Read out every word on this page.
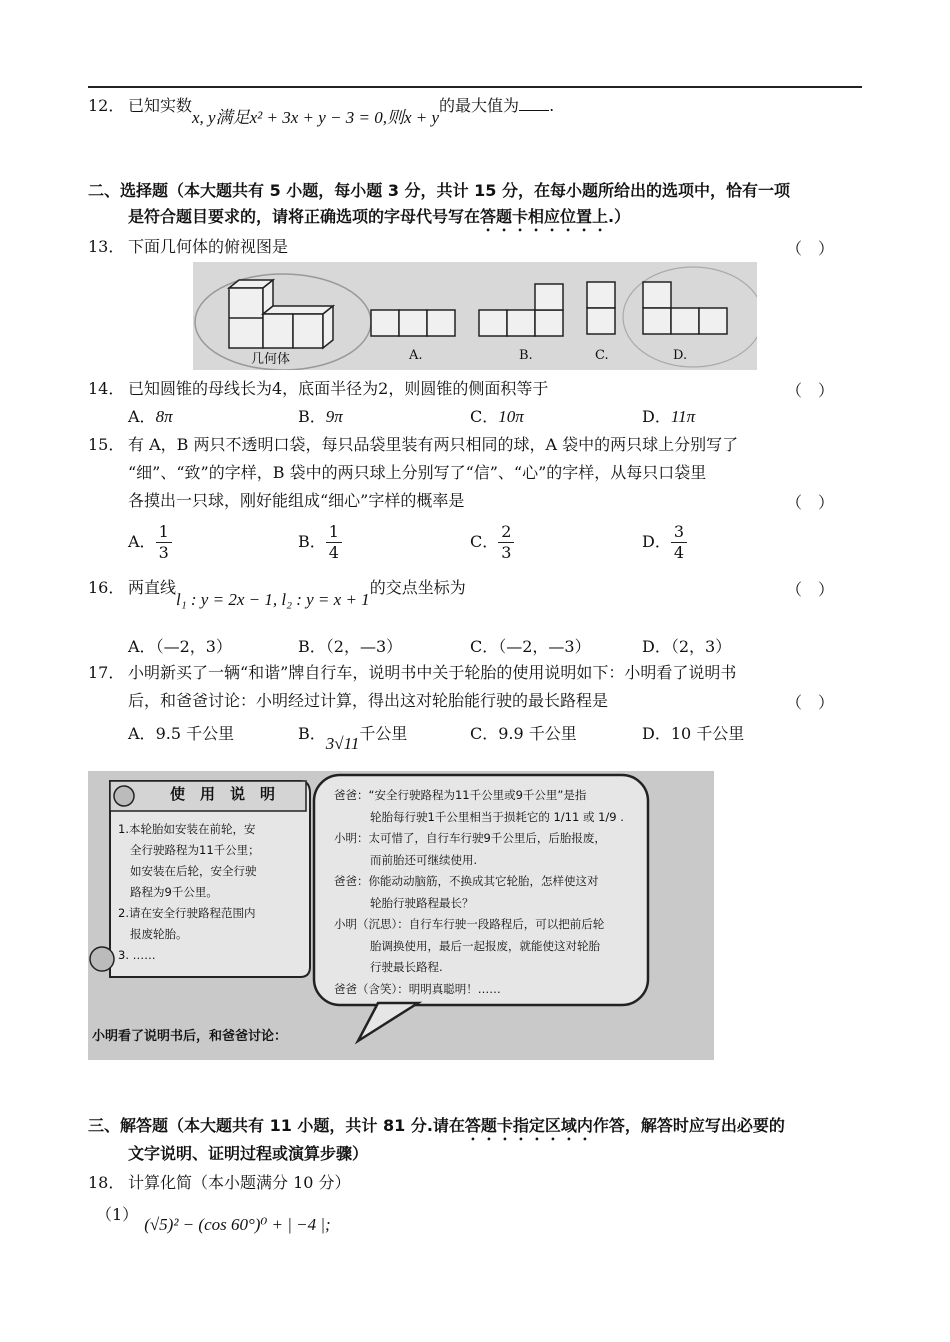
12． 已知实数x, y满足x² + 3x + y − 3 = 0,则x + y的最大值为 .
二、选择题（本大题共有 5 小题，每小题 3 分，共计 15 分，在每小题所给出的选项中，恰有一项
是符合题目要求的，请将正确选项的字母代号写在答题卡相应位置上.）
13． 下面几何体的俯视图是	（　）
几何体	A.	B.	C.	D.
14． 已知圆锥的母线长为4，底面半径为2，则圆锥的侧面积等于	（　）
A．8π	B．9π	C．10π	D．11π
15． 有 A，B 两只不透明口袋，每只品袋里装有两只相同的球，A 袋中的两只球上分别写了
“细”、“致”的字样，B 袋中的两只球上分别写了“信”、“心”的字样，从每只口袋里
各摸出一只球，刚好能组成“细心”字样的概率是	（　）
A． $\frac{1}{3}$	B． $\frac{1}{4}$	C． $\frac{2}{3}$	D． $\frac{3}{4}$
16． 两直线l₁ : y = 2x − 1, l₂ : y = x + 1的交点坐标为	（　）
A．（—2，3）	B．（2，—3）	C．（—2，—3）	D．（2，3）
17． 小明新买了一辆“和谐”牌自行车，说明书中关于轮胎的使用说明如下：小明看了说明书
后，和爸爸讨论：小明经过计算，得出这对轮胎能行驶的最长路程是	（　）
A．9.5 千公里	B．3√11千公里	C．9.9 千公里	D．10 千公里
使　用　说　明
1.本轮胎如安装在前轮，安
全行驶路程为11千公里；
如安装在后轮，安全行驶
路程为9千公里。
2.请在安全行驶路程范围内
报废轮胎。
3. ……
爸爸：“安全行驶路程为11千公里或9千公里”是指
轮胎每行驶1千公里相当于损耗它的 1/11 或 1/9 .
小明：太可惜了，自行车行驶9千公里后，后胎报废，
而前胎还可继续使用.
爸爸：你能动动脑筋，不换成其它轮胎，怎样使这对
轮胎行驶路程最长？
小明（沉思）：自行车行驶一段路程后，可以把前后轮
胎调换使用，最后一起报废，就能使这对轮胎
行驶最长路程.
爸爸（含笑）：明明真聪明！……
小明看了说明书后，和爸爸讨论：
三、解答题（本大题共有 11 小题，共计 81 分.请在答题卡指定区域内作答，解答时应写出必要的
文字说明、证明过程或演算步骤）
18． 计算化简（本小题满分 10 分）
（1）(√5)² − (cos 60°)⁰ + | −4 |;
